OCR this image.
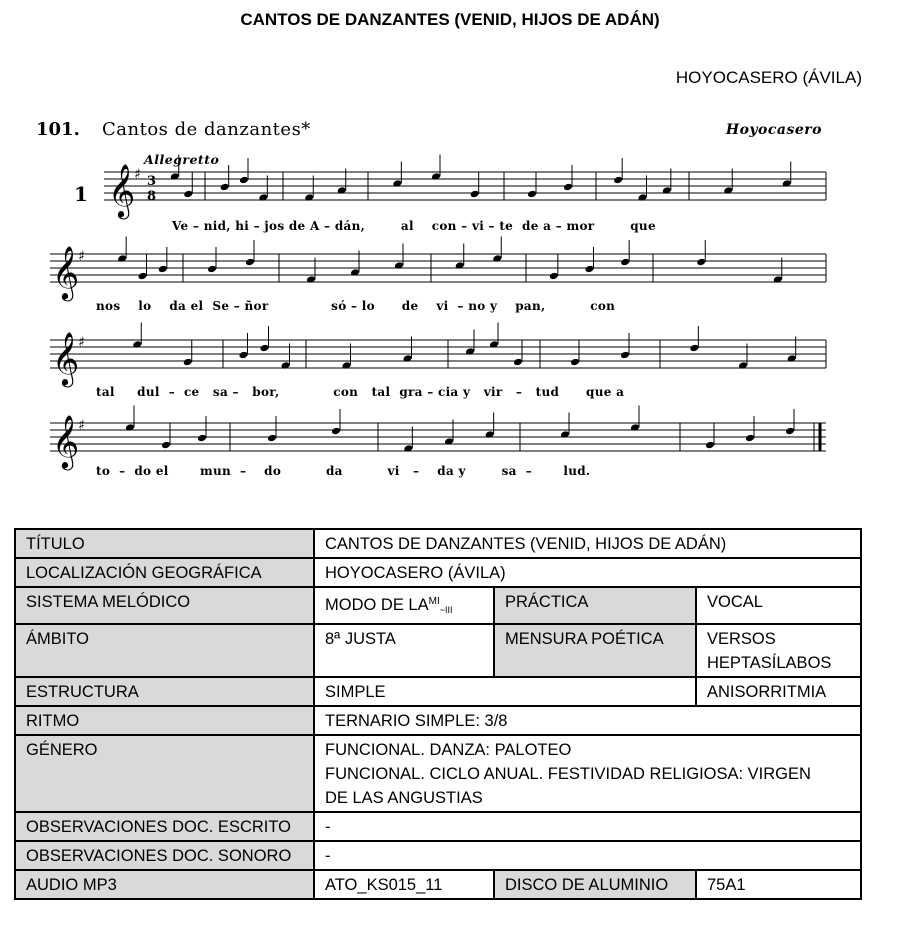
CANTOS DE DANZANTES (VENID, HIJOS DE ADÁN)
HOYOCASERO (ÁVILA)
101. Cantos de danzantes*	Hoyocasero
Allegretto
𝄞
♯
𝄞
♯
𝄞
♯
𝄞
♯
1
3
8
Ve – nid, hi – jos de A – dán,        al    con – vi – te  de a – mor        que
nos    lo    da el  Se – ñor              só – lo      de    vi  – no y    pan,          con
tal     dul  –  ce   sa –   bor,            con   tal  gra – cia y   vir   –   tud      que a
to  –  do el       mun  –    do          da          vi   –    da y        sa  –       lud.
TÍTULO	CANTOS DE DANZANTES (VENID, HIJOS DE ADÁN)		
LOCALIZACIÓN GEOGRÁFICA	HOYOCASERO (ÁVILA)		
SISTEMA MELÓDICO	MODO DE $LA^{MI}_{\sim III}$	PRÁCTICA	VOCAL
ÁMBITO	8ª JUSTA	MENSURA POÉTICA	VERSOS
HEPTASÍLABOS

ESTRUCTURA	SIMPLE		ANISORRITMIA
RITMO	TERNARIO SIMPLE: 3/8		
GÉNERO	FUNCIONAL. DANZA: PALOTEO
FUNCIONAL. CICLO ANUAL. FESTIVIDAD RELIGIOSA: VIRGEN
DE LAS ANGUSTIAS		

OBSERVACIONES DOC. ESCRITO	-		
OBSERVACIONES DOC. SONORO	-		
AUDIO MP3	ATO_KS015_11	DISCO DE ALUMINIO	75A1
